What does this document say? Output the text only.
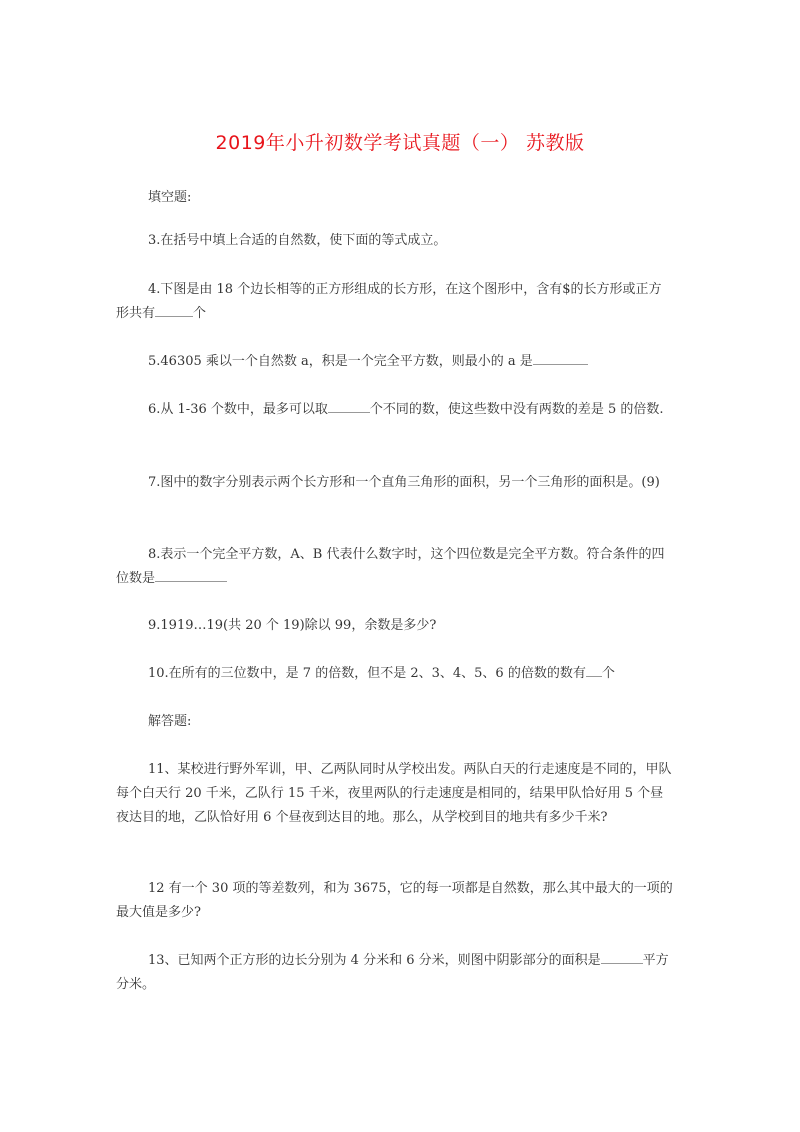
2019年小升初数学考试真题（一） 苏教版
填空题:
3.在括号中填上合适的自然数，使下面的等式成立。
4.下图是由 18 个边长相等的正方形组成的长方形，在这个图形中，含有$的长方形或正方形共有	个
5.46305 乘以一个自然数 a，积是一个完全平方数，则最小的 a 是
6.从 1-36 个数中，最多可以取	个不同的数，使这些数中没有两数的差是 5 的倍数.
7.图中的数字分别表示两个长方形和一个直角三角形的面积，另一个三角形的面积是。(9)
8.表示一个完全平方数，A、B 代表什么数字时，这个四位数是完全平方数。符合条件的四位数是
9.1919…19(共 20 个 19)除以 99，余数是多少?
10.在所有的三位数中，是 7 的倍数，但不是 2、3、4、5、6 的倍数的数有 个
解答题:
11、某校进行野外军训，甲、乙两队同时从学校出发。两队白天的行走速度是不同的，甲队每个白天行 20 千米，乙队行 15 千米，夜里两队的行走速度是相同的，结果甲队恰好用 5 个昼夜达目的地，乙队恰好用 6 个昼夜到达目的地。那么，从学校到目的地共有多少千米?
12 有一个 30 项的等差数列，和为 3675，它的每一项都是自然数，那么其中最大的一项的最大值是多少?
13、已知两个正方形的边长分别为 4 分米和 6 分米，则图中阴影部分的面积是	平方分米。
